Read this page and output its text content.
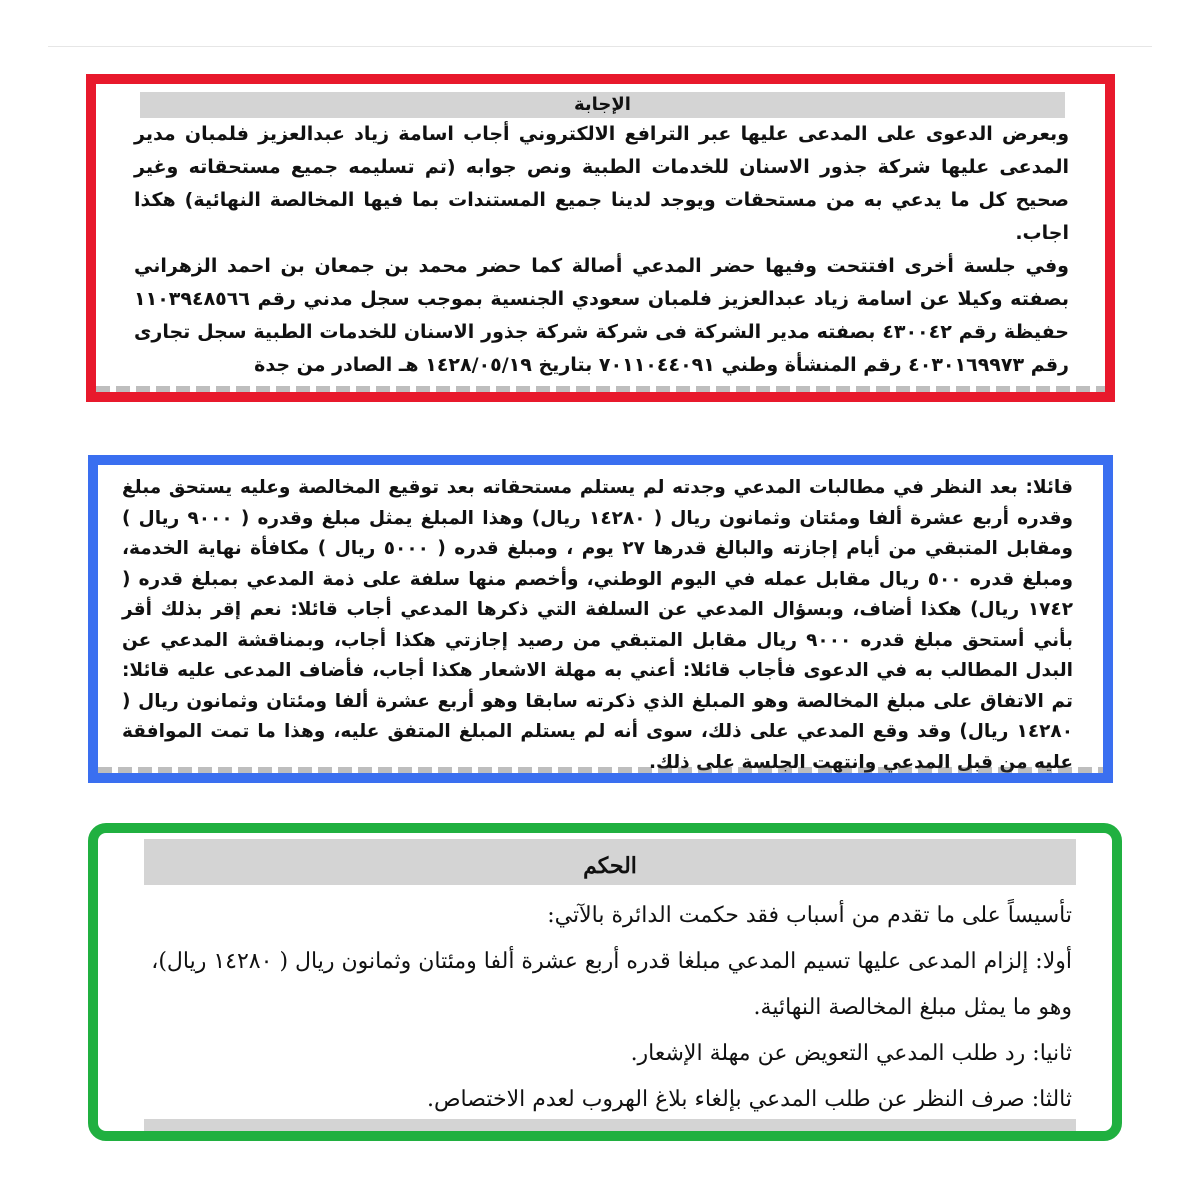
الإجابة

وبعرض الدعوى على المدعى عليها عبر الترافع الالكتروني أجاب اسامة زياد عبدالعزيز فلمبان مدير المدعى عليها شركة جذور الاسنان للخدمات الطبية ونص جوابه (تم تسليمه جميع مستحقاته وغير صحيح كل ما يدعي به من مستحقات ويوجد لدينا جميع المستندات بما فيها المخالصة النهائية) هكذا اجاب.

وفي جلسة أخرى افتتحت وفيها حضر المدعي أصالة كما حضر محمد بن جمعان بن احمد الزهراني بصفته وكيلا عن اسامة زياد عبدالعزيز فلمبان سعودي الجنسية بموجب سجل مدني رقم ١١٠٣٩٤٨٥٦٦ حفيظة رقم ٤٣٠٠٤٢ بصفته مدير الشركة فى شركة شركة جذور الاسنان للخدمات الطبية سجل تجارى رقم ٤٠٣٠١٦٩٩٧٣ رقم المنشأة وطني ٧٠١١٠٤٤٠٩١ بتاريخ ١٤٢٨/٠٥/١٩ هـ الصادر من جدة

قائلا: بعد النظر في مطالبات المدعي وجدته لم يستلم مستحقاته بعد توقيع المخالصة وعليه يستحق مبلغ وقدره أربع عشرة ألفا ومئتان وثمانون ريال ( ١٤٢٨٠ ريال) وهذا المبلغ يمثل مبلغ وقدره ( ٩٠٠٠ ريال ) ومقابل المتبقي من أيام إجازته والبالغ قدرها ٢٧ يوم ، ومبلغ قدره ( ٥٠٠٠ ريال ) مكافأة نهاية الخدمة، ومبلغ قدره ٥٠٠ ريال مقابل عمله في اليوم الوطني، وأخصم منها سلفة على ذمة المدعي بمبلغ قدره ( ١٧٤٢ ريال) هكذا أضاف، وبسؤال المدعي عن السلفة التي ذكرها المدعي أجاب قائلا: نعم إقر بذلك أقر بأني أستحق مبلغ قدره ٩٠٠٠ ريال مقابل المتبقي من رصيد إجازتي هكذا أجاب، وبمناقشة المدعي عن البدل المطالب به في الدعوى فأجاب قائلا: أعني به مهلة الاشعار هكذا أجاب، فأضاف المدعى عليه قائلا: تم الاتفاق على مبلغ المخالصة وهو المبلغ الذي ذكرته سابقا وهو أربع عشرة ألفا ومئتان وثمانون ريال ( ١٤٢٨٠ ريال) وقد وقع المدعي على ذلك، سوى أنه لم يستلم المبلغ المتفق عليه، وهذا ما تمت الموافقة عليه من قبل المدعي وانتهت الجلسة على ذلك.

الحكم

تأسيساً على ما تقدم من أسباب فقد حكمت الدائرة بالآتي:

أولا: إلزام المدعى عليها تسيم المدعي مبلغا قدره أربع عشرة ألفا ومئتان وثمانون ريال ( ١٤٢٨٠ ريال)،

وهو ما يمثل مبلغ المخالصة النهائية.

ثانيا: رد طلب المدعي التعويض عن مهلة الإشعار.

ثالثا: صرف النظر عن طلب المدعي بإلغاء بلاغ الهروب لعدم الاختصاص.
